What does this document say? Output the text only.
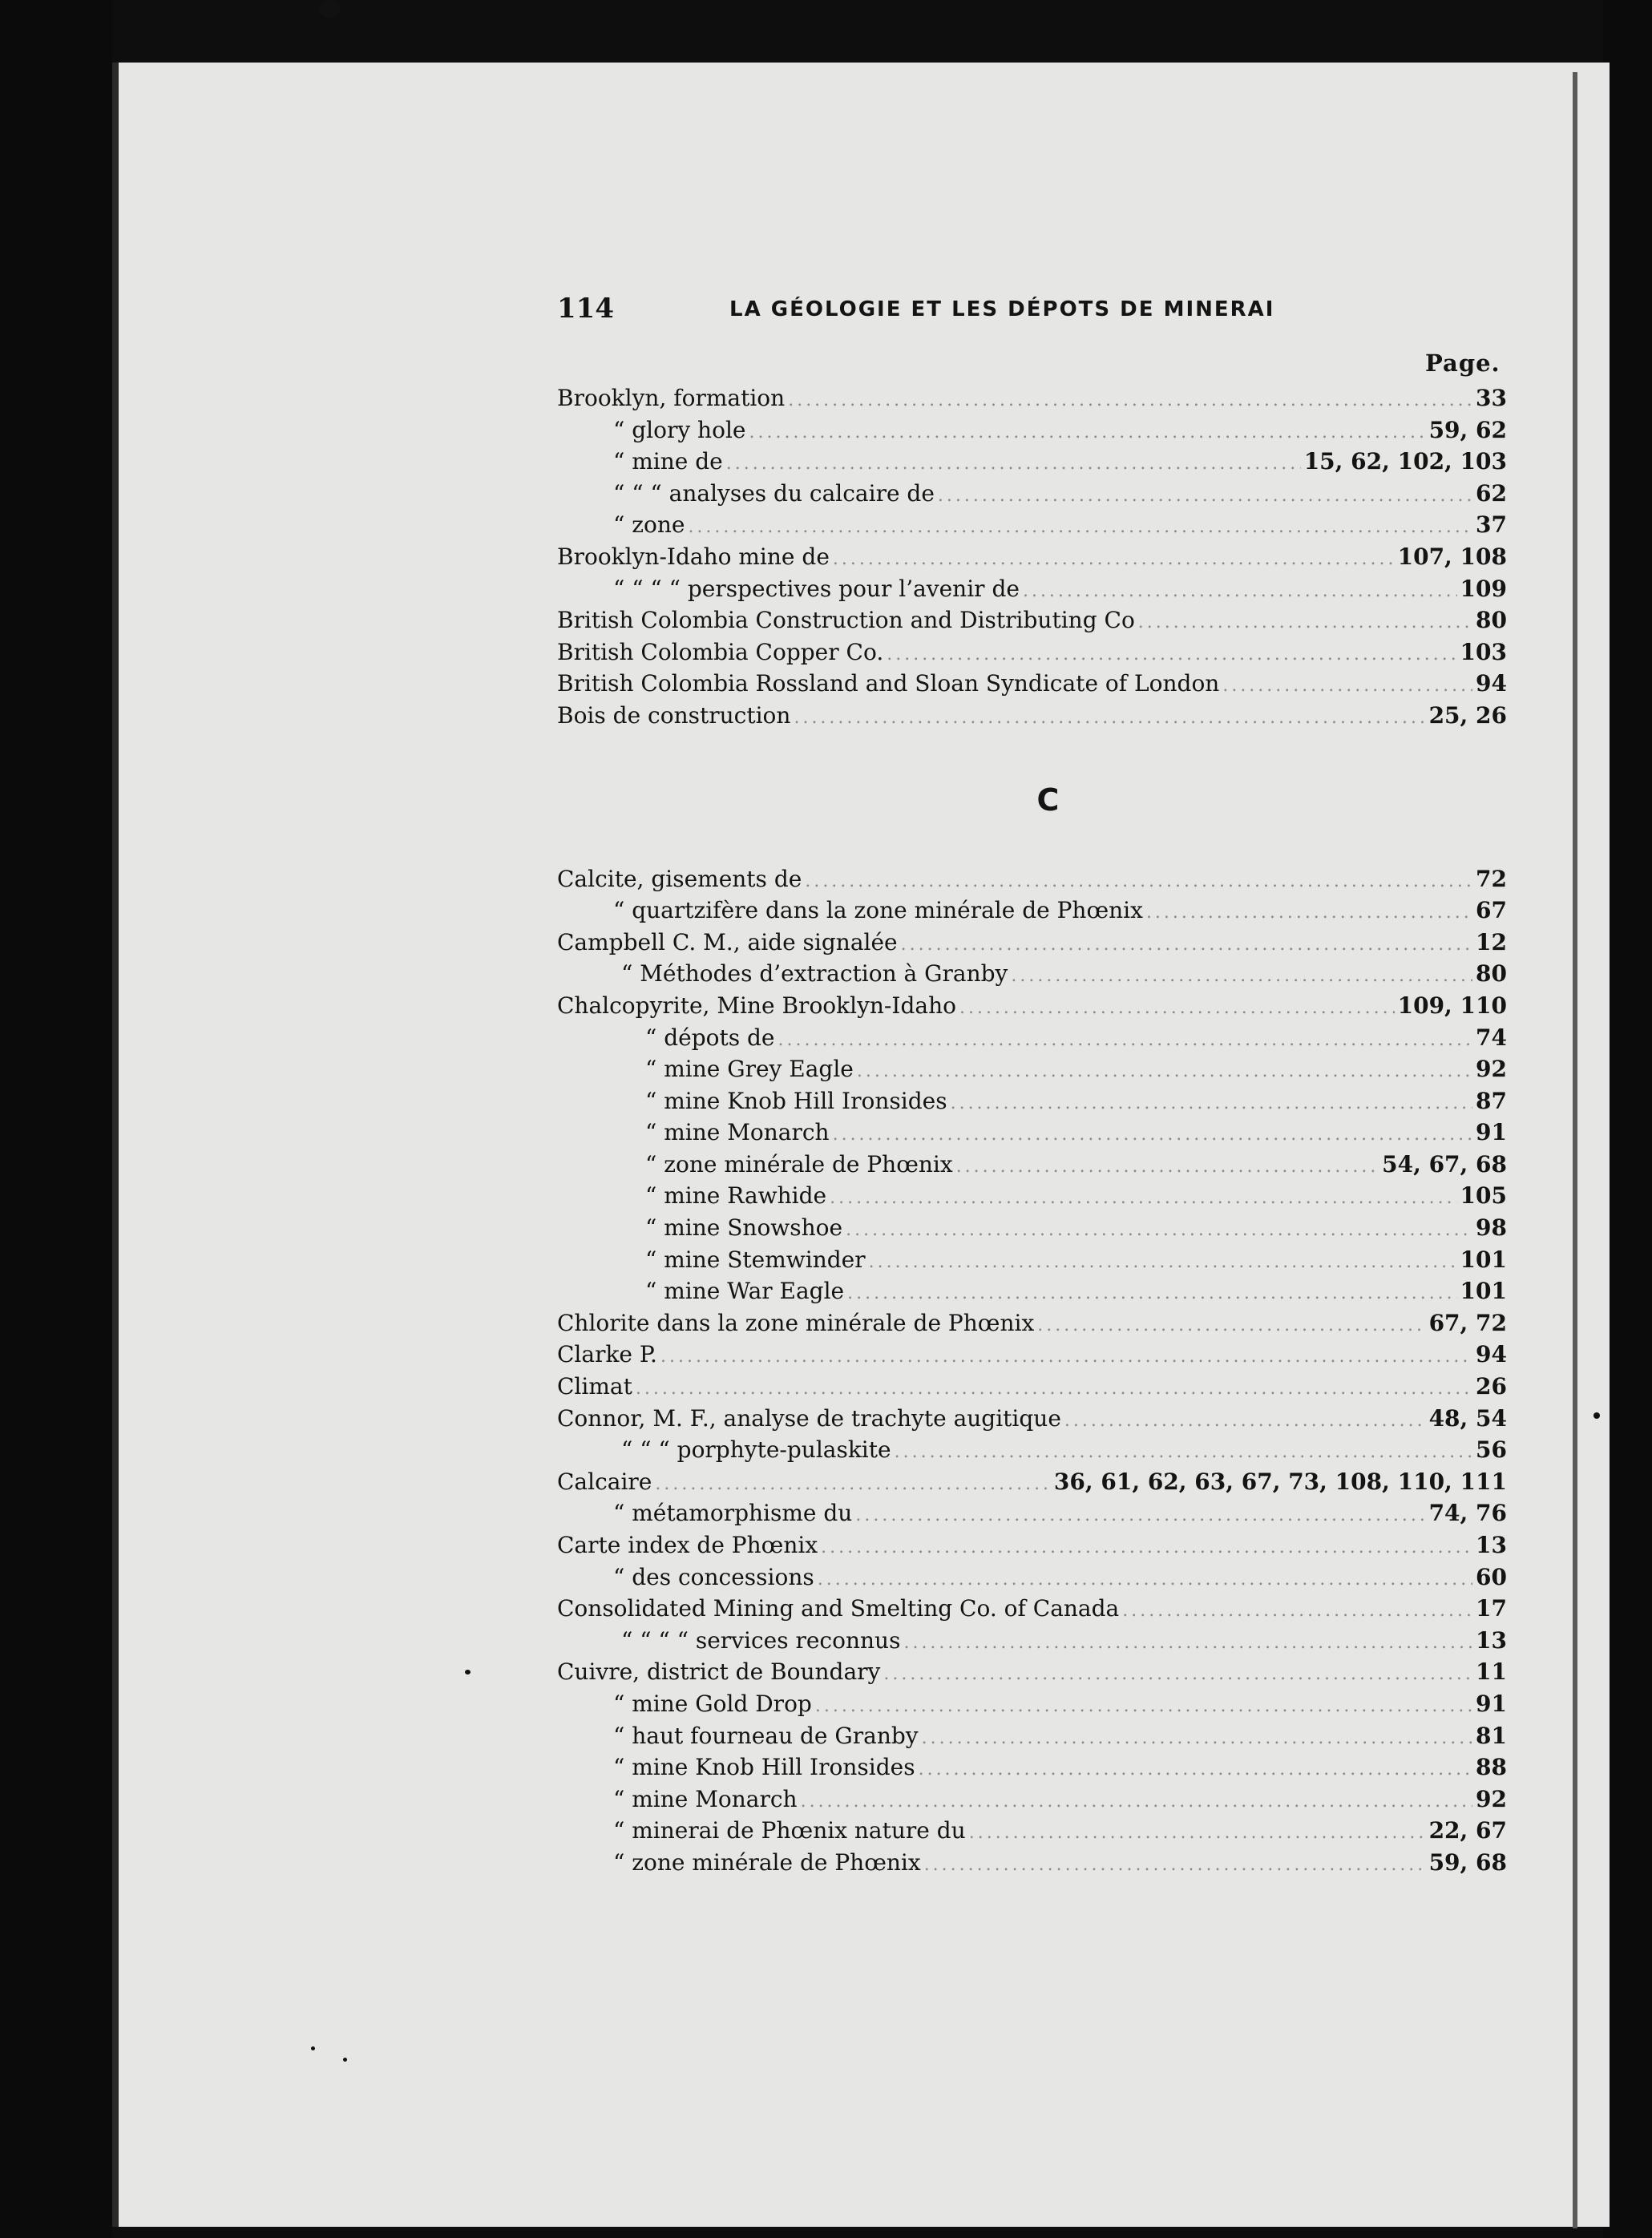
114	LA GÉOLOGIE ET LES DÉPOTS DE MINERAI
Page.
Brooklyn, formation .....	33
“ glory hole .....	59, 62
“ mine de .....	15, 62, 102, 103
“ “ “ analyses du calcaire de .....	62
“ zone .....	37
Brooklyn-Idaho mine de .....	107, 108
“ “ “ “ perspectives pour l’avenir de .....	109
British Colombia Construction and Distributing Co .....	80
British Colombia Copper Co. .....	103
British Colombia Rossland and Sloan Syndicate of London .....	94
Bois de construction .....	25, 26
C
Calcite, gisements de .....	72
“ quartzifère dans la zone minérale de Phœnix .....	67
Campbell C. M., aide signalée .....	12
“ Méthodes d’extraction à Granby .....	80
Chalcopyrite, Mine Brooklyn-Idaho .....	109, 110
“ dépots de .....	74
“ mine Grey Eagle .....	92
“ mine Knob Hill Ironsides .....	87
“ mine Monarch .....	91
“ zone minérale de Phœnix .....	54, 67, 68
“ mine Rawhide .....	105
“ mine Snowshoe .....	98
“ mine Stemwinder .....	101
“ mine War Eagle .....	101
Chlorite dans la zone minérale de Phœnix .....	67, 72
Clarke P. .....	94
Climat .....	26
Connor, M. F., analyse de trachyte augitique .....	48, 54
“ “ “ porphyte-pulaskite .....	56
Calcaire .....	36, 61, 62, 63, 67, 73, 108, 110, 111
“ métamorphisme du .....	74, 76
Carte index de Phœnix .....	13
“ des concessions .....	60
Consolidated Mining and Smelting Co. of Canada .....	17
“ “ “ “ services reconnus .....	13
Cuivre, district de Boundary .....	11
“ mine Gold Drop .....	91
“ haut fourneau de Granby .....	81
“ mine Knob Hill Ironsides .....	88
“ mine Monarch .....	92
“ minerai de Phœnix nature du .....	22, 67
“ zone minérale de Phœnix .....	59, 68
